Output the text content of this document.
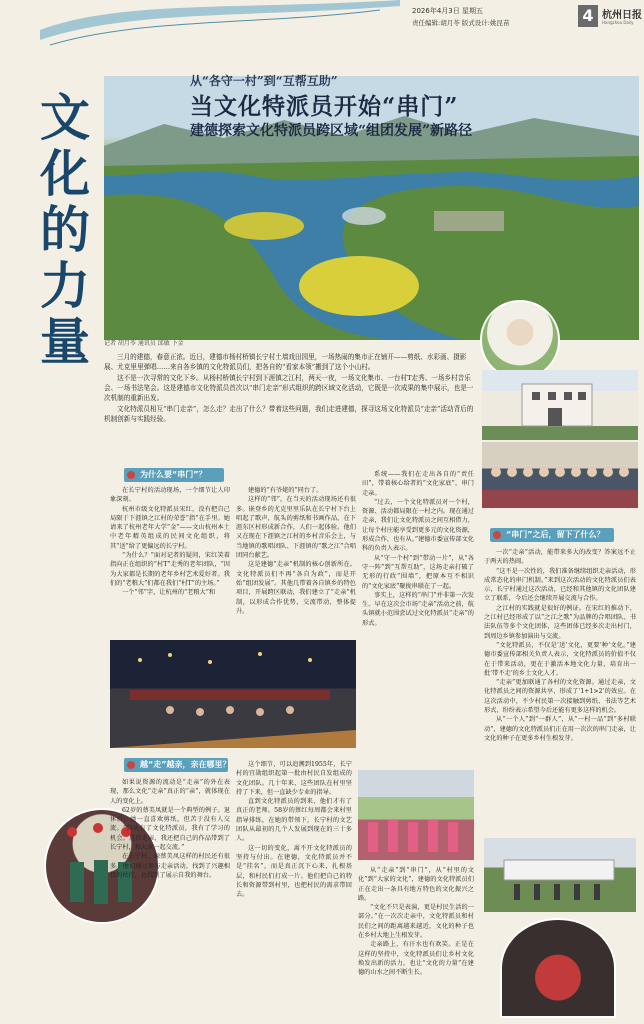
2026年4月3日 星期五
责任编辑:胡月苓 版式设计:姚昆苗	4 杭州日报
Hangzhou Daily
文化的力量
从“各守一村”到“互帮互助”
当文化特派员开始“串门”
建德探索文化特派员跨区域“组团发展”新路径
记者 胡月苓 通讯员 邱敏 卜金

三月的建德，春意正浓。近日，建德市杨村桥镇长宁村土墙戏田园里，一场热闹的集市正在铺开——剪纸、水彩画、摄影展、尤克里里弹唱……来自各乡镇的文化特派员们，把各自的“看家本领”搬到了这个小山村。

这不是一次寻常的文化下乡。从杨村桥镇长宁村到下涯镇之江村，两天一夜，一场文化集市、一台村T走秀、一场乡村音乐会、一场书法笔会。这是建德市文化特派员首次以“串门走亲”形式组织的跨区域文化活动，它既是一次成果的集中展示，也是一次机制的重新出发。

文化特派员相互“串门走亲”，怎么走？走出了什么？带着这些问题，我们走进建德，探寻这场文化特派员“走亲”活动背后的机制创新与实践经验。

为什么要“串门”？

在长宁村的活动现场，一个细节让人印象深刻。

杭州市级文化特派员宋红，没有把自己局限于下涯镇之江村的荣誉“指”在手里。她请来了杭州老年大学“金”——文山杭州本土中老年精英组成的民间文化组织，将其“送”给了更偏远的长宁村。

“为什么？”面对记者的疑问，宋红笑着指向正在组织的“村T”走秀的老年团队，“因为大家都是长期的老年乡村艺术爱好者。我们的“老粮大”们都在我们“村T”的主场。”

一个“邻”字，让杭州的“老粮大”和

建德的“有爷姥的”同台了。

这样的“邻”，在当天的活动现场还有很多。嵌登乡的尤克里里乐队在长宁村下台上唱起了歌声，航头的剪纸和书画作品，在下涯东区村形成新合作，人们一起体验。他们又在现在下涯镇之江村的乡村音乐会上，与当地镇的歌唱团队、下涯镇的“歌之江”合唱团同台献艺。

这是建德“走亲”机制的核心创新所在。文化特派员们不再“各自为政”，而是开始“组团发展”。其他几带着各自镇乡的特色项目，开展跨区联动，我们建立了“走亲”机制，以形成合作优势，交流带动，整体提升。

系统——我们在走出各自的“责任田”，带着核心给者的“文化家底”，串门走亲。

“过去，一个文化特派员对一个村，资源、活动都局限在一村之内。现在通过走亲，我们让文化特派员之间互相借力，让每个村庄能享受到更多元的文化资源，形成合作，也有从。”建德市委宣传部文化科的负责人表示。

从“守一个村”到“带动一片”，从“各守一阵”到“互帮互助”，这场走亲打破了无形的行政“围墙”，把原本互不相识的“文化家底”聚拢串联在了一起。

事实上，这样的“串门”并非第一次发生。早在这次会市场“走亲”活动之前，航头镇就小范围尝试过文化特派员“走亲”的形式。

“串门”之后，留下了什么？

一次“走亲”活动，能带来多大的改变？答案远不止于两天的热闹。

“这不是一次性的，我们准备继续组织走亲活动，形成常态化的串门机制。”来到这次活动的文化特派员们表示，长宁村通过这次活动，已经和其他镇的文化团队建立了联系，今后还会继续开展交流与合作。

之江村的实践就是很好的例证。在宋红的推动下，之江村已经形成了以“之江之歌”为品牌的合唱团队、书法队伍等多个文化团体，这些团体已经多次走出村门，到周边乡镇参加演出与交流。

“文化特派员，不仅是‘送’文化，更要‘种’文化。”建德市委宣传部相关负责人表示，文化特派员的价值不仅在于带来活动，更在于激活本地文化力量，培育出一批‘带不走’的乡土文化人才。

“走亲”更加联通了各村的文化资源。通过走亲，文化特派员之间的资源共享，形成了‘1+1>2’的效应。在这次活动中，不少村民第一次接触到剪纸、书法等艺术形式，纷纷表示希望今后还能有更多这样的机会。

从“一个人”到“一群人”，从“一村一品”到“多村联动”，建德的文化特派员们正在用一次次的串门走亲，让文化的种子在更多乡村生根发芽。

越“走”越亲，亲在哪里？

如果说资源的流动是“走亲”的外在表现，那么文化“走亲”真正的“亲”，就体现在人的变化上。

62岁的蔡美凤就是一个典型的例子。退休后，她一直喜欢剪纸，但苦于没有人交流。“自从有了文化特派员，我有了学习的机会。这次走亲，我还把自己的作品带到了长宁村，和大家一起交流。”

在长宁村，像蔡美凤这样的村民还有很多。他们通过参与走亲活动，找到了兴趣相投的伙伴，也找到了展示自我的舞台。

这个细节，可以追溯到1955年，长宁村的宜勋组织起第一批由村民自发组成的文化团队。几十年来，这些团队在村里坚持了下来，但一直缺少专业的指导。

直到文化特派员的到来，他们才有了真正的老师。58岁的蔡红每周都会来村里指导排练，在她的带领下，长宁村的文艺团队从最初的几个人发展到现在的三十多人。

这一切的变化，离不开文化特派员的坚持与付出。在建德，文化特派员并不是“挂名”，而是真正沉下心来，扎根基层，和村民们打成一片。他们把自己的特长和资源带到村里，也把村民的需求带回去。

从“走亲”到“串门”，从“村里的文化”到“大家的文化”，建德的文化特派员们正在走出一条具有地方特色的文化振兴之路。

“文化不只是表演，更是村民生活的一部分。”在一次次走亲中，文化特派员和村民们之间的距离越来越近，文化的种子也在乡村大地上生根发芽。

走亲路上，有汗水也有欢笑。正是在这样的坚持中，文化特派员们让乡村文化焕发出新的活力，也让“文化的力量”在建德的山水之间不断生长。
